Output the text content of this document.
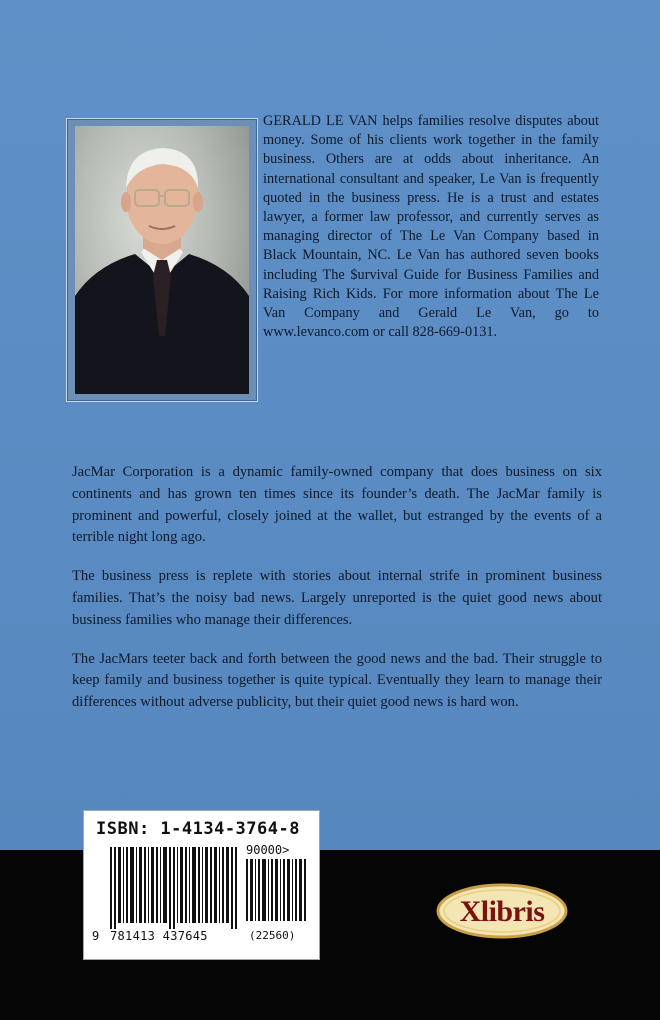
GERALD LE VAN helps families resolve disputes about money. Some of his clients work together in the family business. Others are at odds about inheritance. An international consultant and speaker, Le Van is frequently quoted in the business press. He is a trust and estates lawyer, a former law professor, and currently serves as managing director of The Le Van Company based in Black Mountain, NC. Le Van has authored seven books including The $urvival Guide for Business Families and Raising Rich Kids. For more information about The Le Van Company and Gerald Le Van, go to www.levanco.com or call 828-669-0131.

JacMar Corporation is a dynamic family-owned company that does business on six continents and has grown ten times since its founder’s death. The JacMar family is prominent and powerful, closely joined at the wallet, but estranged by the events of a terrible night long ago.

The business press is replete with stories about internal strife in prominent business families. That’s the noisy bad news. Largely unreported is the quiet good news about business families who manage their differences.

The JacMars teeter back and forth between the good news and the bad. Their struggle to keep family and business together is quite typical. Eventually they learn to manage their differences without adverse publicity, but their quiet good news is hard won.

ISBN: 1-4134-3764-8
90000>
9 781413 437645	(22560)
Xlibris
